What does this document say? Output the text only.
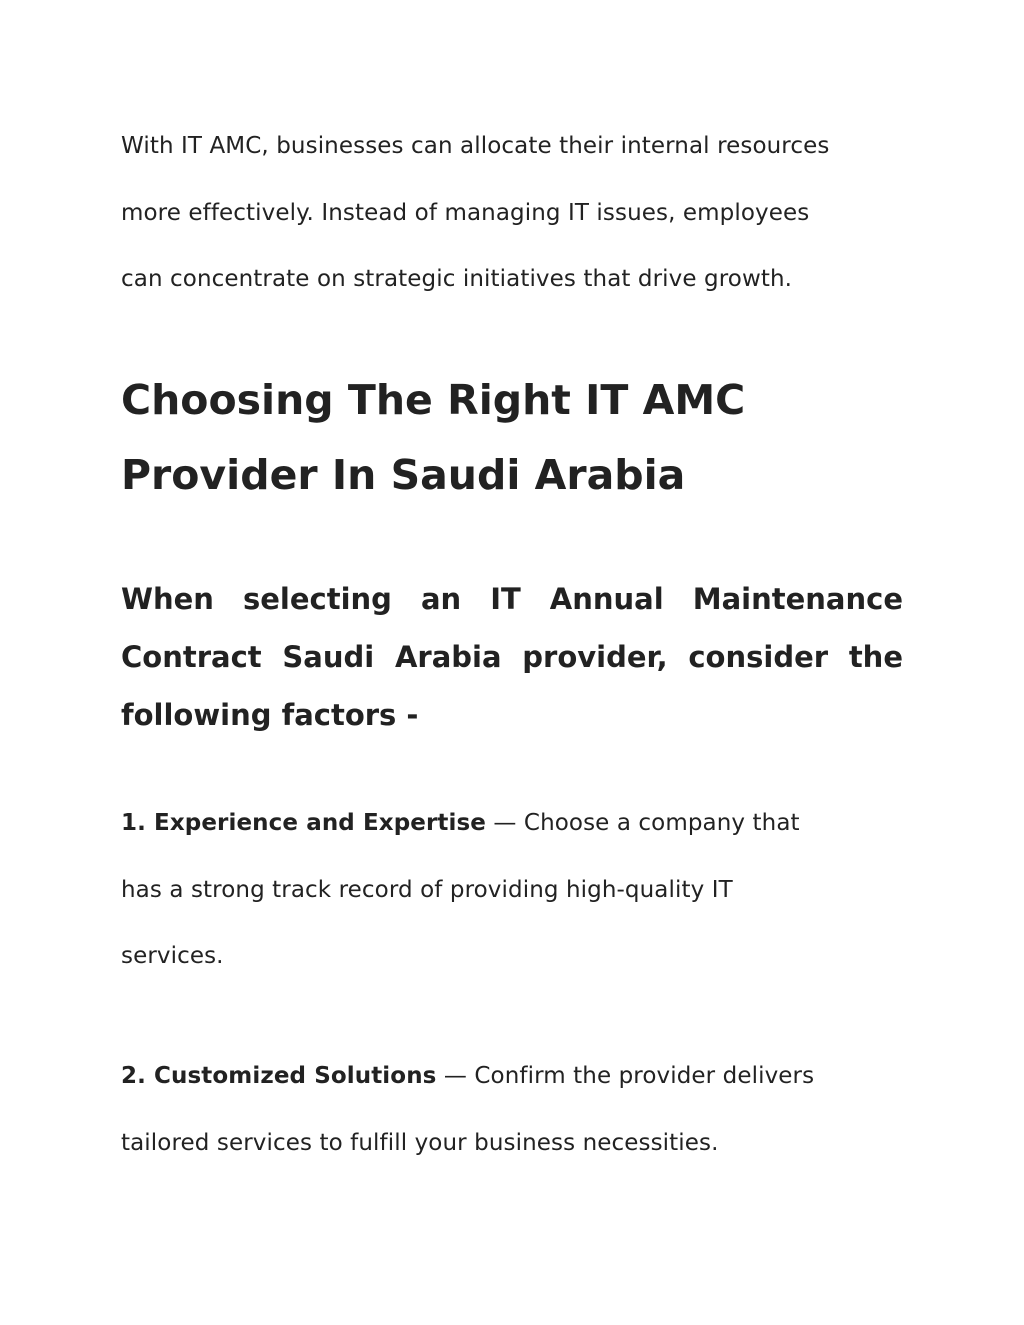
With IT AMC, businesses can allocate their internal resources
more effectively. Instead of managing IT issues, employees
can concentrate on strategic initiatives that drive growth.

Choosing The Right IT AMC
Provider In Saudi Arabia
When selecting an IT Annual Maintenance Contract Saudi Arabia provider, consider the following factors -

1. Experience and Expertise — Choose a company that
has a strong track record of providing high-quality IT
services.

2. Customized Solutions — Confirm the provider delivers
tailored services to fulfill your business necessities.
